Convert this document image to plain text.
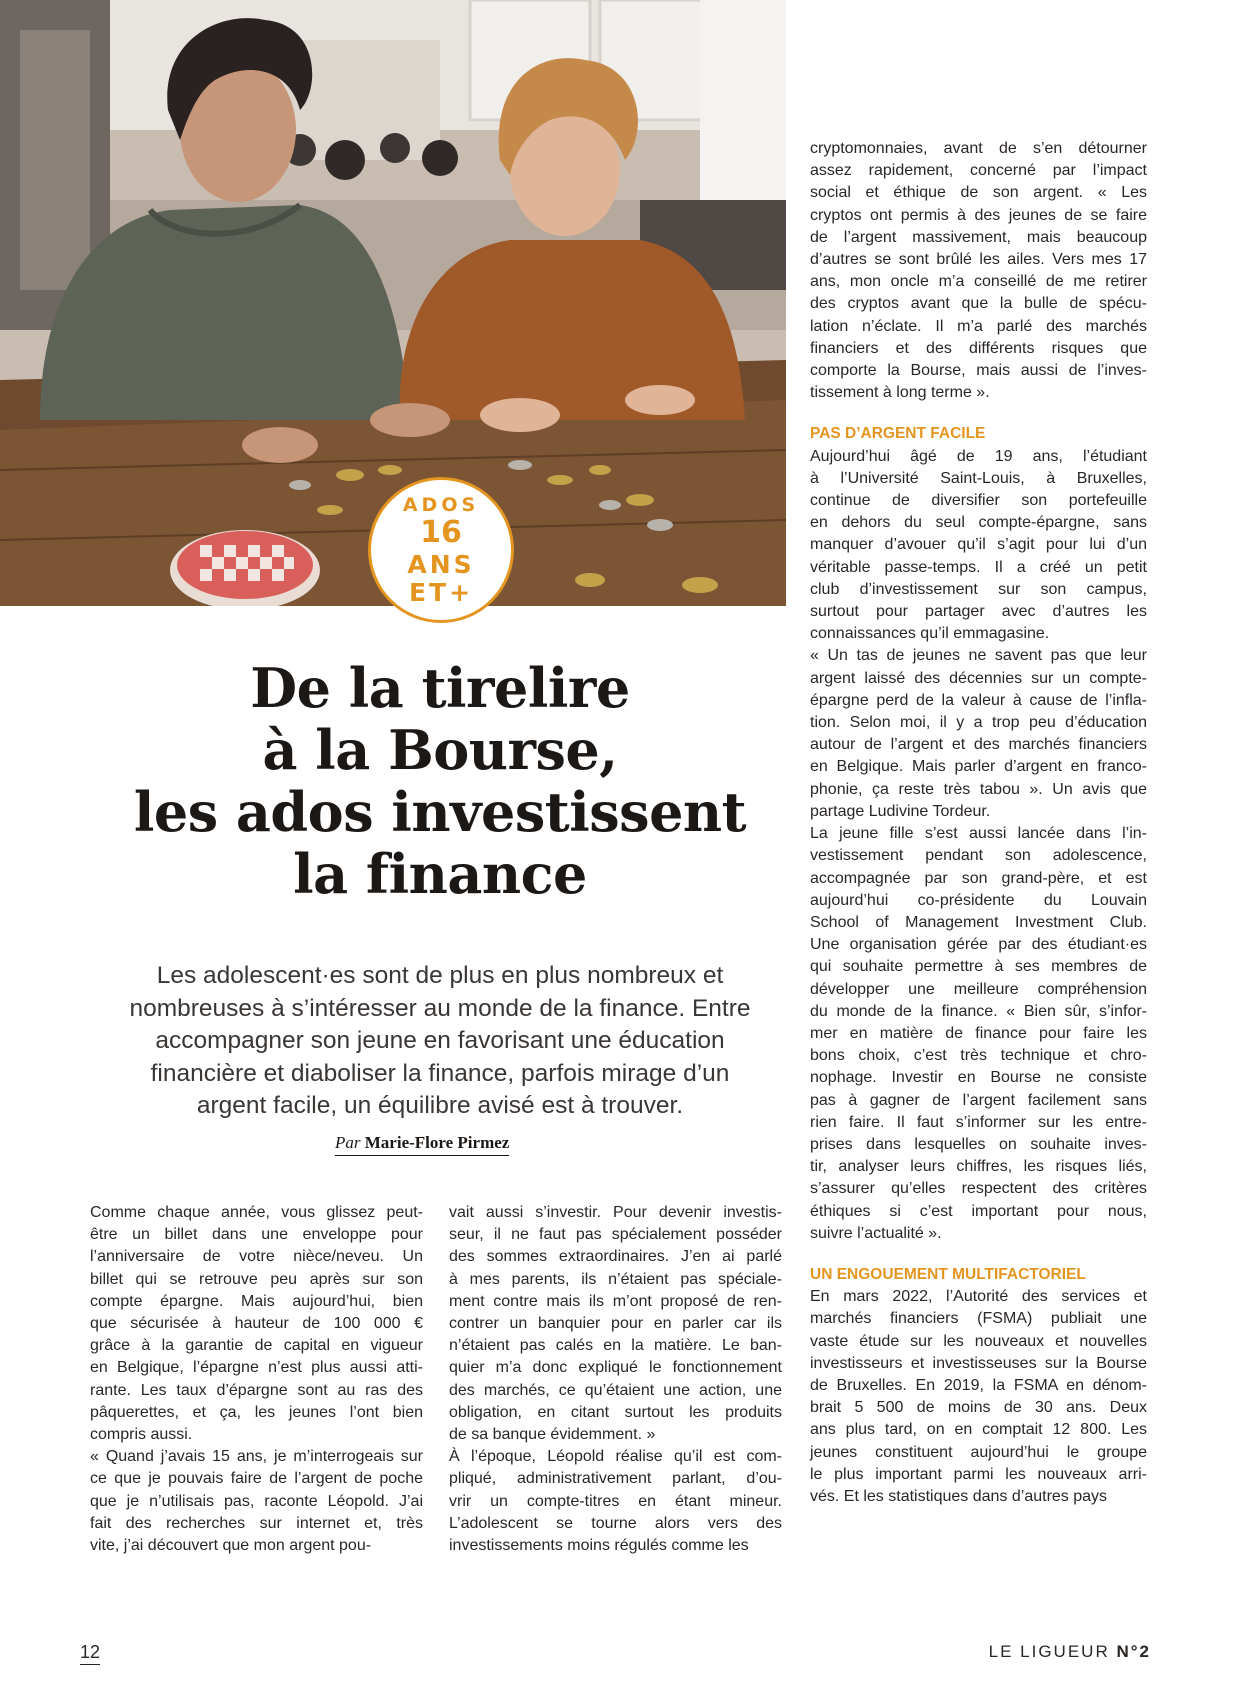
ADOS
16
ANS
ET+
De la tirelire
à la Bourse,
les ados investissent
la finance
Les adolescent·es sont de plus en plus nombreux et
nombreuses à s’intéresser au monde de la finance. Entre
accompagner son jeune en favorisant une éducation
financière et diaboliser la finance, parfois mirage d’un
argent facile, un équilibre avisé est à trouver.
Par Marie-Flore Pirmez
Comme chaque année, vous glissez peut-
être un billet dans une enveloppe pour
l’anniversaire de votre nièce/neveu. Un
billet qui se retrouve peu après sur son
compte épargne. Mais aujourd’hui, bien
que sécurisée à hauteur de 100 000 €
grâce à la garantie de capital en vigueur
en Belgique, l’épargne n’est plus aussi atti-
rante. Les taux d’épargne sont au ras des
pâquerettes, et ça, les jeunes l’ont bien
compris aussi.
« Quand j’avais 15 ans, je m’interrogeais sur
ce que je pouvais faire de l’argent de poche
que je n’utilisais pas, raconte Léopold. J’ai
fait des recherches sur internet et, très
vite, j’ai découvert que mon argent pou-
vait aussi s’investir. Pour devenir investis-
seur, il ne faut pas spécialement posséder
des sommes extraordinaires. J’en ai parlé
à mes parents, ils n’étaient pas spéciale-
ment contre mais ils m’ont proposé de ren-
contrer un banquier pour en parler car ils
n’étaient pas calés en la matière. Le ban-
quier m’a donc expliqué le fonctionnement
des marchés, ce qu’étaient une action, une
obligation, en citant surtout les produits
de sa banque évidemment. »
À l’époque, Léopold réalise qu’il est com-
pliqué, administrativement parlant, d’ou-
vrir un compte-titres en étant mineur.
L’adolescent se tourne alors vers des
investissements moins régulés comme les
cryptomonnaies, avant de s’en détourner
assez rapidement, concerné par l’impact
social et éthique de son argent. « Les
cryptos ont permis à des jeunes de se faire
de l’argent massivement, mais beaucoup
d’autres se sont brûlé les ailes. Vers mes 17
ans, mon oncle m’a conseillé de me retirer
des cryptos avant que la bulle de spécu-
lation n’éclate. Il m’a parlé des marchés
financiers et des différents risques que
comporte la Bourse, mais aussi de l’inves-
tissement à long terme ».
PAS D’ARGENT FACILE
Aujourd’hui âgé de 19 ans, l’étudiant
à l’Université Saint-Louis, à Bruxelles,
continue de diversifier son portefeuille
en dehors du seul compte-épargne, sans
manquer d’avouer qu’il s’agit pour lui d’un
véritable passe-temps. Il a créé un petit
club d’investissement sur son campus,
surtout pour partager avec d’autres les
connaissances qu’il emmagasine.
« Un tas de jeunes ne savent pas que leur
argent laissé des décennies sur un compte-
épargne perd de la valeur à cause de l’infla-
tion. Selon moi, il y a trop peu d’éducation
autour de l’argent et des marchés financiers
en Belgique. Mais parler d’argent en franco-
phonie, ça reste très tabou ». Un avis que
partage Ludivine Tordeur.
La jeune fille s’est aussi lancée dans l’in-
vestissement pendant son adolescence,
accompagnée par son grand-père, et est
aujourd’hui co-présidente du Louvain
School of Management Investment Club.
Une organisation gérée par des étudiant·es
qui souhaite permettre à ses membres de
développer une meilleure compréhension
du monde de la finance. « Bien sûr, s’infor-
mer en matière de finance pour faire les
bons choix, c’est très technique et chro-
nophage. Investir en Bourse ne consiste
pas à gagner de l’argent facilement sans
rien faire. Il faut s’informer sur les entre-
prises dans lesquelles on souhaite inves-
tir, analyser leurs chiffres, les risques liés,
s’assurer qu’elles respectent des critères
éthiques si c’est important pour nous,
suivre l’actualité ».
UN ENGOUEMENT MULTIFACTORIEL
En mars 2022, l’Autorité des services et
marchés financiers (FSMA) publiait une
vaste étude sur les nouveaux et nouvelles
investisseurs et investisseuses sur la Bourse
de Bruxelles. En 2019, la FSMA en dénom-
brait 5 500 de moins de 30 ans. Deux
ans plus tard, on en comptait 12 800. Les
jeunes constituent aujourd’hui le groupe
le plus important parmi les nouveaux arri-
vés. Et les statistiques dans d’autres pays
12	LE LIGUEUR N°2
